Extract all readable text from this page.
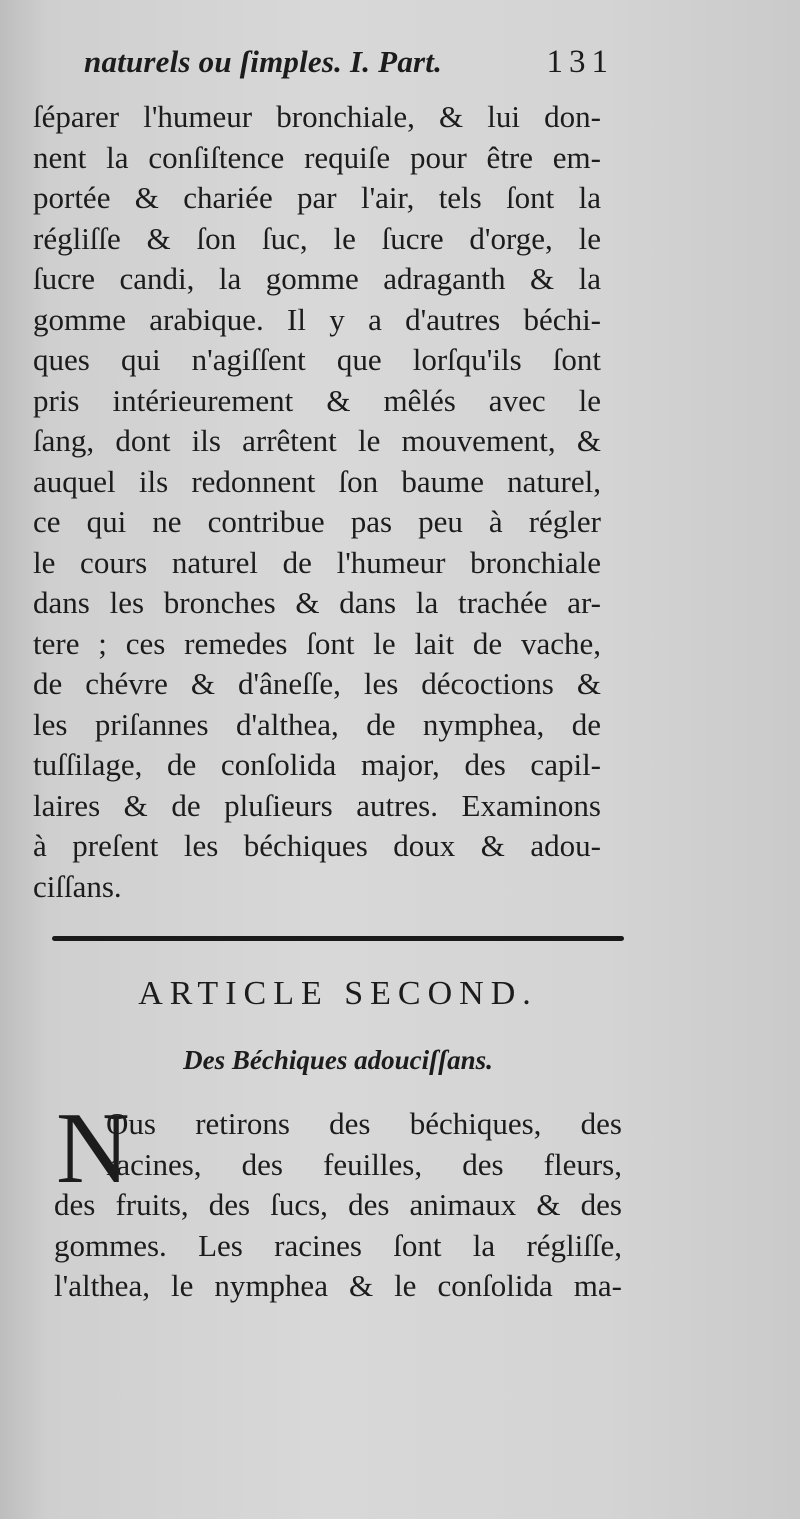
naturels ou ſimples. I. Part.	131
ſéparer l'humeur bronchiale, & lui don-
nent la conſiſtence requiſe pour être em-
portée & chariée par l'air, tels ſont la
régliſſe & ſon ſuc, le ſucre d'orge, le
ſucre candi, la gomme adraganth & la
gomme arabique. Il y a d'autres béchi-
ques qui n'agiſſent que lorſqu'ils ſont
pris intérieurement & mêlés avec le
ſang, dont ils arrêtent le mouvement, &
auquel ils redonnent ſon baume naturel,
ce qui ne contribue pas peu à régler
le cours naturel de l'humeur bronchiale
dans les bronches & dans la trachée ar-
tere ; ces remedes ſont le lait de vache,
de chévre & d'âneſſe, les décoctions &
les priſannes d'althea, de nymphea, de
tuſſilage, de conſolida major, des capil-
laires & de pluſieurs autres. Examinons
à preſent les béchiques doux & adou-
ciſſans.
ARTICLE SECOND.
Des Béchiques adouciſſans.
N
Ous retirons des béchiques, des
racines, des feuilles, des fleurs,
des fruits, des ſucs, des animaux & des
gommes. Les racines ſont la régliſſe,
l'althea, le nymphea & le conſolida ma-
